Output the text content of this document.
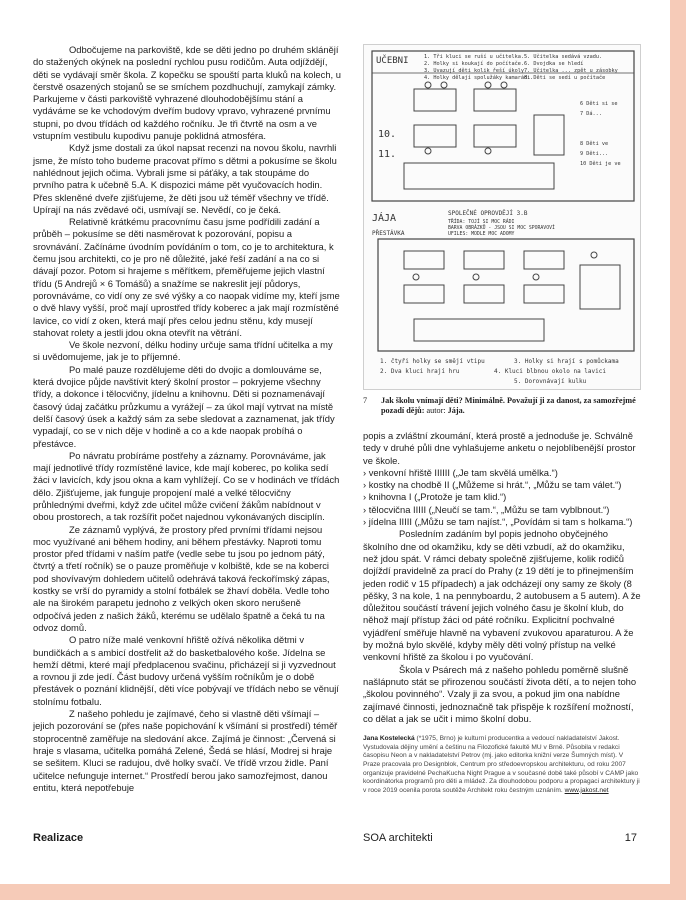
Odbočujeme na parkoviště, kde se děti jedno po druhém sklánějí do stažených okýnek na poslední rychlou pusu rodičům. Auta odjíždějí, děti se vydávají směr škola. Z kopečku se spouští parta kluků na kolech, u čerstvě osazených stojanů se se smíchem pozdhuchují, zamykají zámky. Parkujeme v části parkoviště vyhrazené dlouhodobějšímu stání a vydáváme se ke vchodovým dveřím budovy vpravo, vyhrazené prvnímu stupni, po dvou třídách od každého ročníku. Je tři čtvrtě na osm a ve vstupním vestibulu kupodivu panuje poklidná atmosféra.

Když jsme dostali za úkol napsat recenzi na novou školu, navrhli jsme, že místo toho budeme pracovat přímo s dětmi a pokusíme se školu nahlédnout jejich očima. Vybrali jsme si páťáky, a tak stoupáme do prvního patra k učebně 5.A. K dispozici máme pět vyučovacích hodin. Přes skleněné dveře zjišťujeme, že děti jsou už téměř všechny ve třídě. Upírají na nás zvědavé oči, usmívají se. Nevědí, co je čeká.

Relativně krátkému pracovnímu času jsme podřídili zadání a průběh – pokusíme se děti nasměrovat k pozorování, popisu a srovnávání. Začínáme úvodním povídáním o tom, co je to architektura, k čemu jsou architekti, co je pro ně důležité, jaké řeší zadání a na co si dávají pozor. Potom si hrajeme s měřítkem, přeměřujeme jejich vlastní třídu (5 Andrejů × 6 Tomášů) a snažíme se nakreslit její půdorys, porovnáváme, co vidí ony ze své výšky a co naopak vidíme my, kteří jsme o dvě hlavy vyšší, proč mají uprostřed třídy koberec a jak mají rozmístěné lavice, co vidí z oken, která mají přes celou jednu stěnu, kdy musejí stahovat rolety a jestli jdou okna otevřít na větrání.

Ve škole nezvoní, délku hodiny určuje sama třídní učitelka a my si uvědomujeme, jak je to příjemné.

Po malé pauze rozdělujeme děti do dvojic a domlouváme se, která dvojice půjde navštívit který školní prostor – pokryjeme všechny třídy, a dokonce i tělocvičny, jídelnu a knihovnu. Děti si poznamenávají časový údaj začátku průzkumu a vyrážejí – za úkol mají vytrvat na místě delší časový úsek a každý sám za sebe sledovat a zaznamenat, jak třídy vypadají, co se v nich děje v hodině a co a kde naopak probíhá o přestávce.

Po návratu probíráme postřehy a záznamy. Porovnáváme, jak mají jednotlivé třídy rozmístěné lavice, kde mají koberec, po kolika sedí žáci v lavicích, kdy jsou okna a kam vyhlížejí. Co se v hodinách ve třídách dělo. Zjišťujeme, jak funguje propojení malé a velké tělocvičny průhlednými dveřmi, když zde učitel může cvičení žákům nabídnout v obou prostorech, a tak rozšířit počet najednou vykonávaných disciplín.

Ze záznamů vyplývá, že prostory před prvními třídami nejsou moc využívané ani během hodiny, ani během přestávky. Naproti tomu prostor před třídami v naším patře (vedle sebe tu jsou po jednom pátý, čtvrtý a třetí ročník) se o pauze proměňuje v kolbiště, kde se na koberci pod shovívavým dohledem učitelů odehrává taková řeckořímský zápas, kostky se vrší do pyramidy a stolní fotbálek se žhaví doběla. Vedle toho ale na širokém parapetu jednoho z velkých oken skoro nerušeně odpočívá jeden z našich žáků, kterému se udělalo špatně a čeká tu na odvoz domů.

O patro níže malé venkovní hřiště ožívá několika dětmi v bundičkách a s ambicí dostřelit až do basketbalového koše. Jídelna se hemží dětmi, které mají předplacenou svačinu, přicházejí si ji vyzvednout a rovnou ji zde jedí. Část budovy určená vyšším ročníkům je o době přestávek o poznání klidnější, děti více pobývají ve třídách nebo se věnují stolnímu fotbalu.

Z našeho pohledu je zajímavé, čeho si vlastně děti všímají – jejich pozorování se (přes naše popichování k všímání si prostředí) téměř stoprocentně zaměřuje na sledování akce. Zajímá je činnost: „Červená si hraje s vlasama, učitelka pomáhá Zelené, Šedá se hlásí, Modrej si hraje se sešitem. Kluci se radujou, dvě holky svačí. Ve třídě vrzou židle. Paní učitelce nefunguje internet.“ Prostředí berou jako samozřejmost, danou entitu, která nepotřebuje

UČEBNI	1. Tři kluci se ruší u učitelka.
2. Holky si koukají do počítače.
3. Uvazují děti kolik řeší úkoly
4. Holky dělají spolužáky kamarádi.
5. Učitelka sedává vzadu.
6. Dvojdka se hledí
7. Učitelka ... zpět u zásobky
8. Děti se sedí u počítače
10.
11.
6 Děti si se
7 Dá...
8 Děti ve
9 Děti...
10 Děti je ve
JÁJA	SPOLEČNÉ OPROVDĚJÍ 3.B
TŘÍDA: TOJÍ SI MOC RÁDI
BARVA OBRÁZKŮ - JSOU SI MOC SPORAVOVÍ
UFILES: MODLE MOC ADOMY
PŘESTÁVKA
1. čtyři holky se smějí vtipu
2. Dva kluci hrají hru
3. Holky si hrají s pomůckama
4. Kluci blbnou okolo na lavici
5. Dorovnávají kulku
7	Jak školu vnímají děti? Minimálně. Považují ji za danost, za samozřejmé pozadí dějů: autor: Jája.

popis a zvláštní zkoumání, která prostě a jednoduše je. Schválně tedy v druhé půli dne vyhlašujeme anketu o nejoblíbenější prostor ve škole.

› venkovní hřiště IIIIII („Je tam skvělá umělka.“)

› kostky na chodbě II („Můžeme si hrát.“, „Můžu se tam válet.“)

› knihovna I („Protože je tam klid.“)

› tělocvična IIIII („Neučí se tam.“, „Můžu se tam vyblbnout.“)

› jídelna IIIII („Můžu se tam najíst.“, „Povídám si tam s holkama.“)

Posledním zadáním byl popis jednoho obyčejného školního dne od okamžiku, kdy se děti vzbudí, až do okamžiku, než jdou spát. V rámci debaty společně zjišťujeme, kolik rodičů dojíždí pravidelně za prací do Prahy (z 19 dětí je to přinejmenším jeden rodič v 15 případech) a jak odcházejí ony samy ze školy (8 pěšky, 3 na kole, 1 na pennyboardu, 2 autobusem a 5 autem). A že důležitou součástí trávení jejich volného času je školní klub, do něhož mají přístup žáci od páté ročníku. Explicitní pochvalné vyjádření směřuje hlavně na vybavení zvukovou aparaturou. A že by možná bylo skvělé, kdyby měly děti volný přístup na velké venkovní hřiště za školou i po vyučování.

Škola v Psárech má z našeho pohledu poměrně slušně našlápnuto stát se přirozenou součástí života dětí, a to nejen toho „školou povinného“. Vzaly ji za svou, a pokud jim ona nabídne zajímavé činnosti, jednoznačně tak přispěje k rozšíření možností, co dělat a jak se učit i mimo školní dobu.

Jana Kostelecká (*1975, Brno) je kulturní producentka a vedoucí nakladatelství Jakost. Vystudovala dějiny umění a češtinu na Filozofické fakultě MU v Brně. Působila v redakci časopisu Neon a v nakladatelství Petrov (mj. jako editorka knižní verze Šumných míst). V Praze pracovala pro Designblok, Centrum pro středoevropskou architekturu, od roku 2007 organizuje pravidelné PechaKucha Night Prague a v současné době také působí v CAMP jako koordinátorka programů pro děti a mládež. Za dlouhodobou podporu a propagaci architektury ji v roce 2019 ocenila porota soutěže Architekt roku čestným uznáním. www.jakost.net
Realizace	SOA architekti	17
